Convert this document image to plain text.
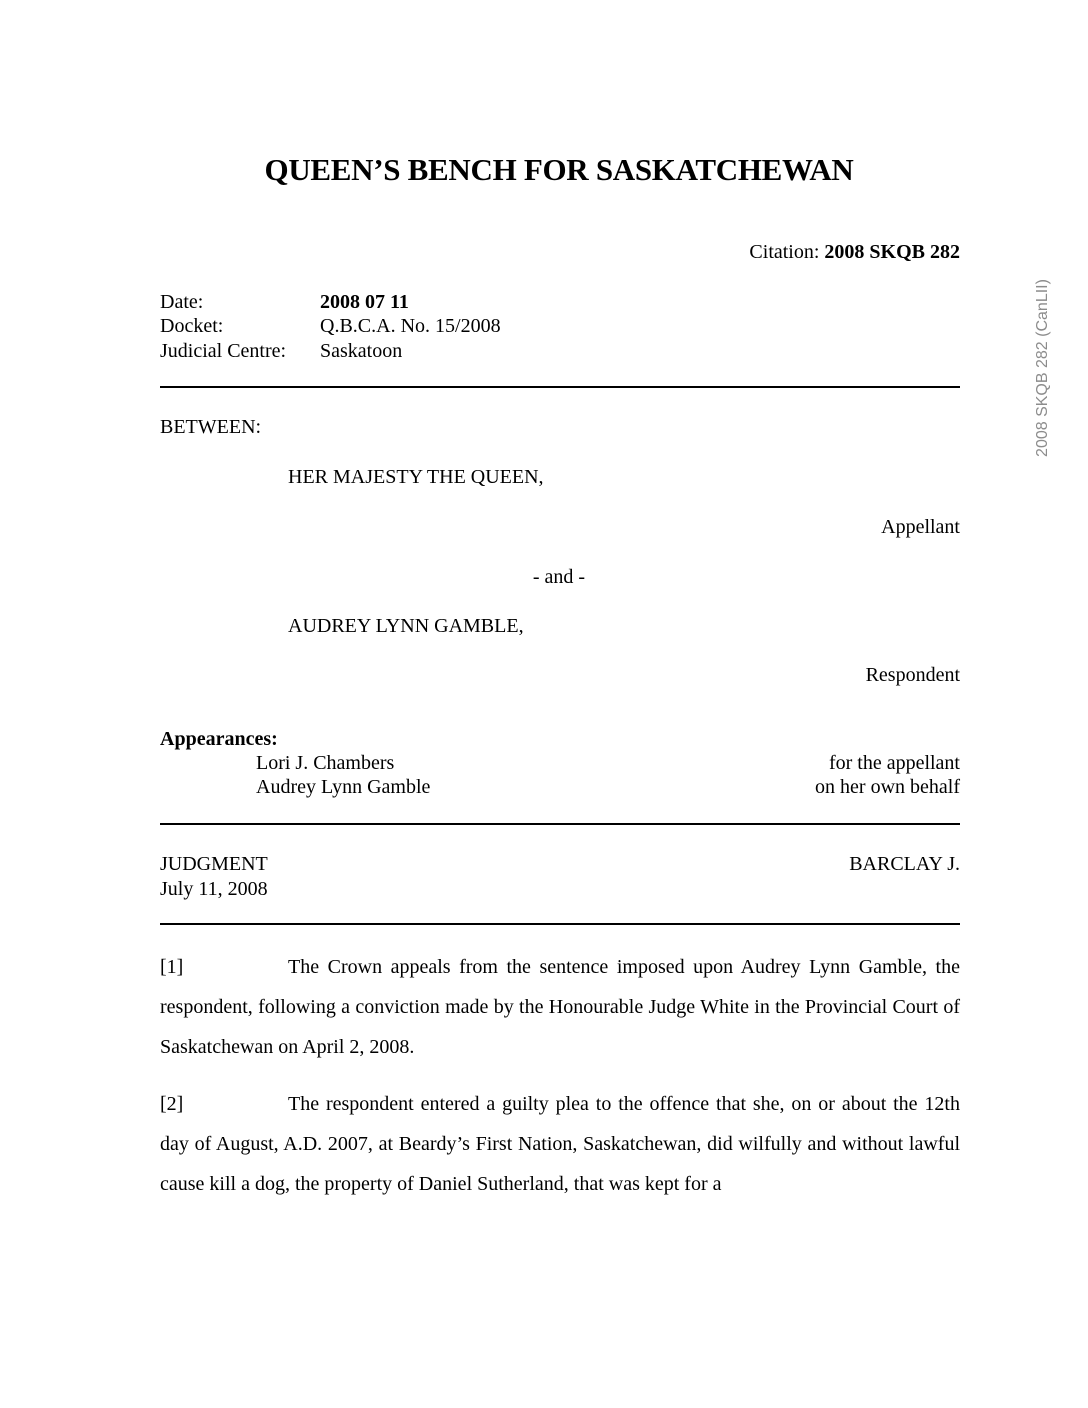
QUEEN’S BENCH FOR SASKATCHEWAN
Citation: 2008 SKQB 282
Date:	2008 07 11
Docket:	Q.B.C.A. No. 15/2008
Judicial Centre: Saskatoon
BETWEEN:
HER MAJESTY THE QUEEN,
Appellant
- and -
AUDREY LYNN GAMBLE,
Respondent
Appearances:
Lori J. Chambers	for the appellant
Audrey Lynn Gamble	on her own behalf
JUDGMENT	BARCLAY J.
July 11, 2008
[1]	The Crown appeals from the sentence imposed upon Audrey Lynn Gamble, the respondent, following a conviction made by the Honourable Judge White in the Provincial Court of Saskatchewan on April 2, 2008.
[2]	The respondent entered a guilty plea to the offence that she, on or about the 12th day of August, A.D. 2007, at Beardy’s First Nation, Saskatchewan, did wilfully and without lawful cause kill a dog, the property of Daniel Sutherland, that was kept for a
2008 SKQB 282 (CanLII)
